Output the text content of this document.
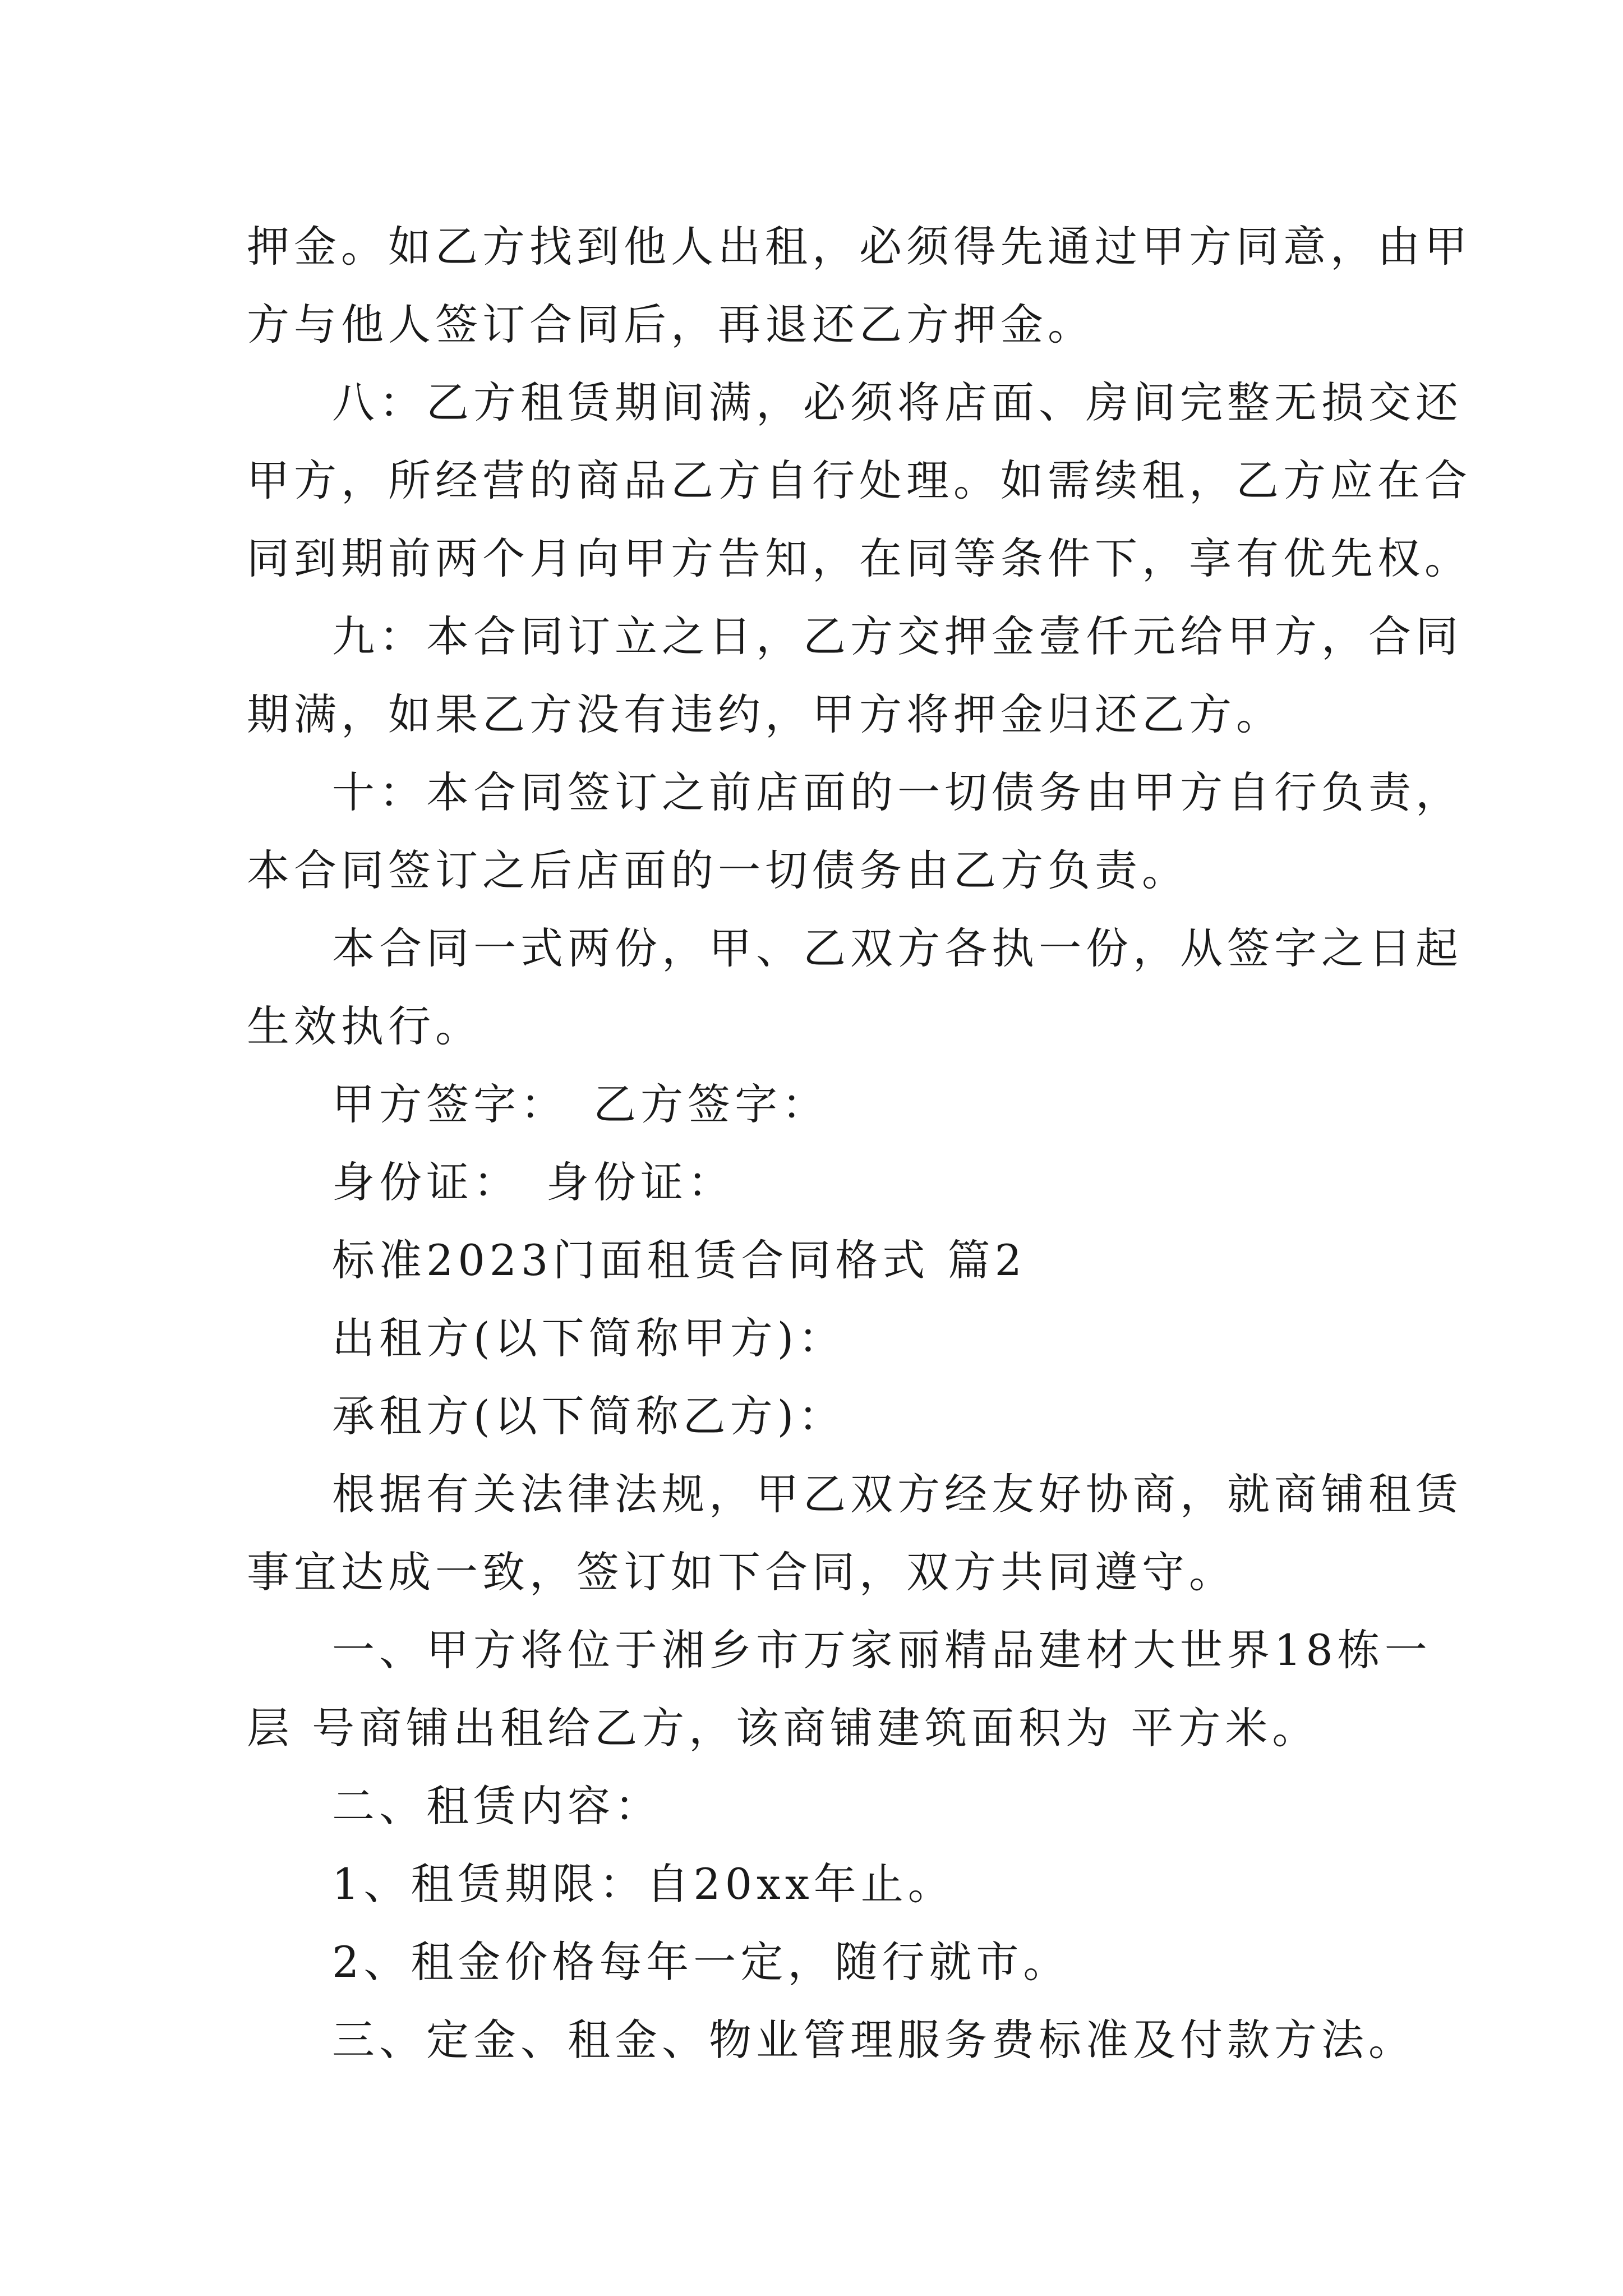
押金。如乙方找到他人出租，必须得先通过甲方同意，由甲
方与他人签订合同后，再退还乙方押金。
八：乙方租赁期间满，必须将店面、房间完整无损交还
甲方，所经营的商品乙方自行处理。如需续租，乙方应在合
同到期前两个月向甲方告知，在同等条件下，享有优先权。
九：本合同订立之日，乙方交押金壹仟元给甲方，合同
期满，如果乙方没有违约，甲方将押金归还乙方。
十：本合同签订之前店面的一切债务由甲方自行负责，
本合同签订之后店面的一切债务由乙方负责。
本合同一式两份，甲、乙双方各执一份，从签字之日起
生效执行。
甲方签字：　乙方签字：
身份证：　身份证：
标准2023门面租赁合同格式 篇2
出租方(以下简称甲方)：
承租方(以下简称乙方)：
根据有关法律法规，甲乙双方经友好协商，就商铺租赁
事宜达成一致，签订如下合同，双方共同遵守。
一、甲方将位于湘乡市万家丽精品建材大世界18栋一
层 号商铺出租给乙方，该商铺建筑面积为 平方米。
二、租赁内容：
1、租赁期限：自20xx年止。
2、租金价格每年一定，随行就市。
三、定金、租金、物业管理服务费标准及付款方法。
